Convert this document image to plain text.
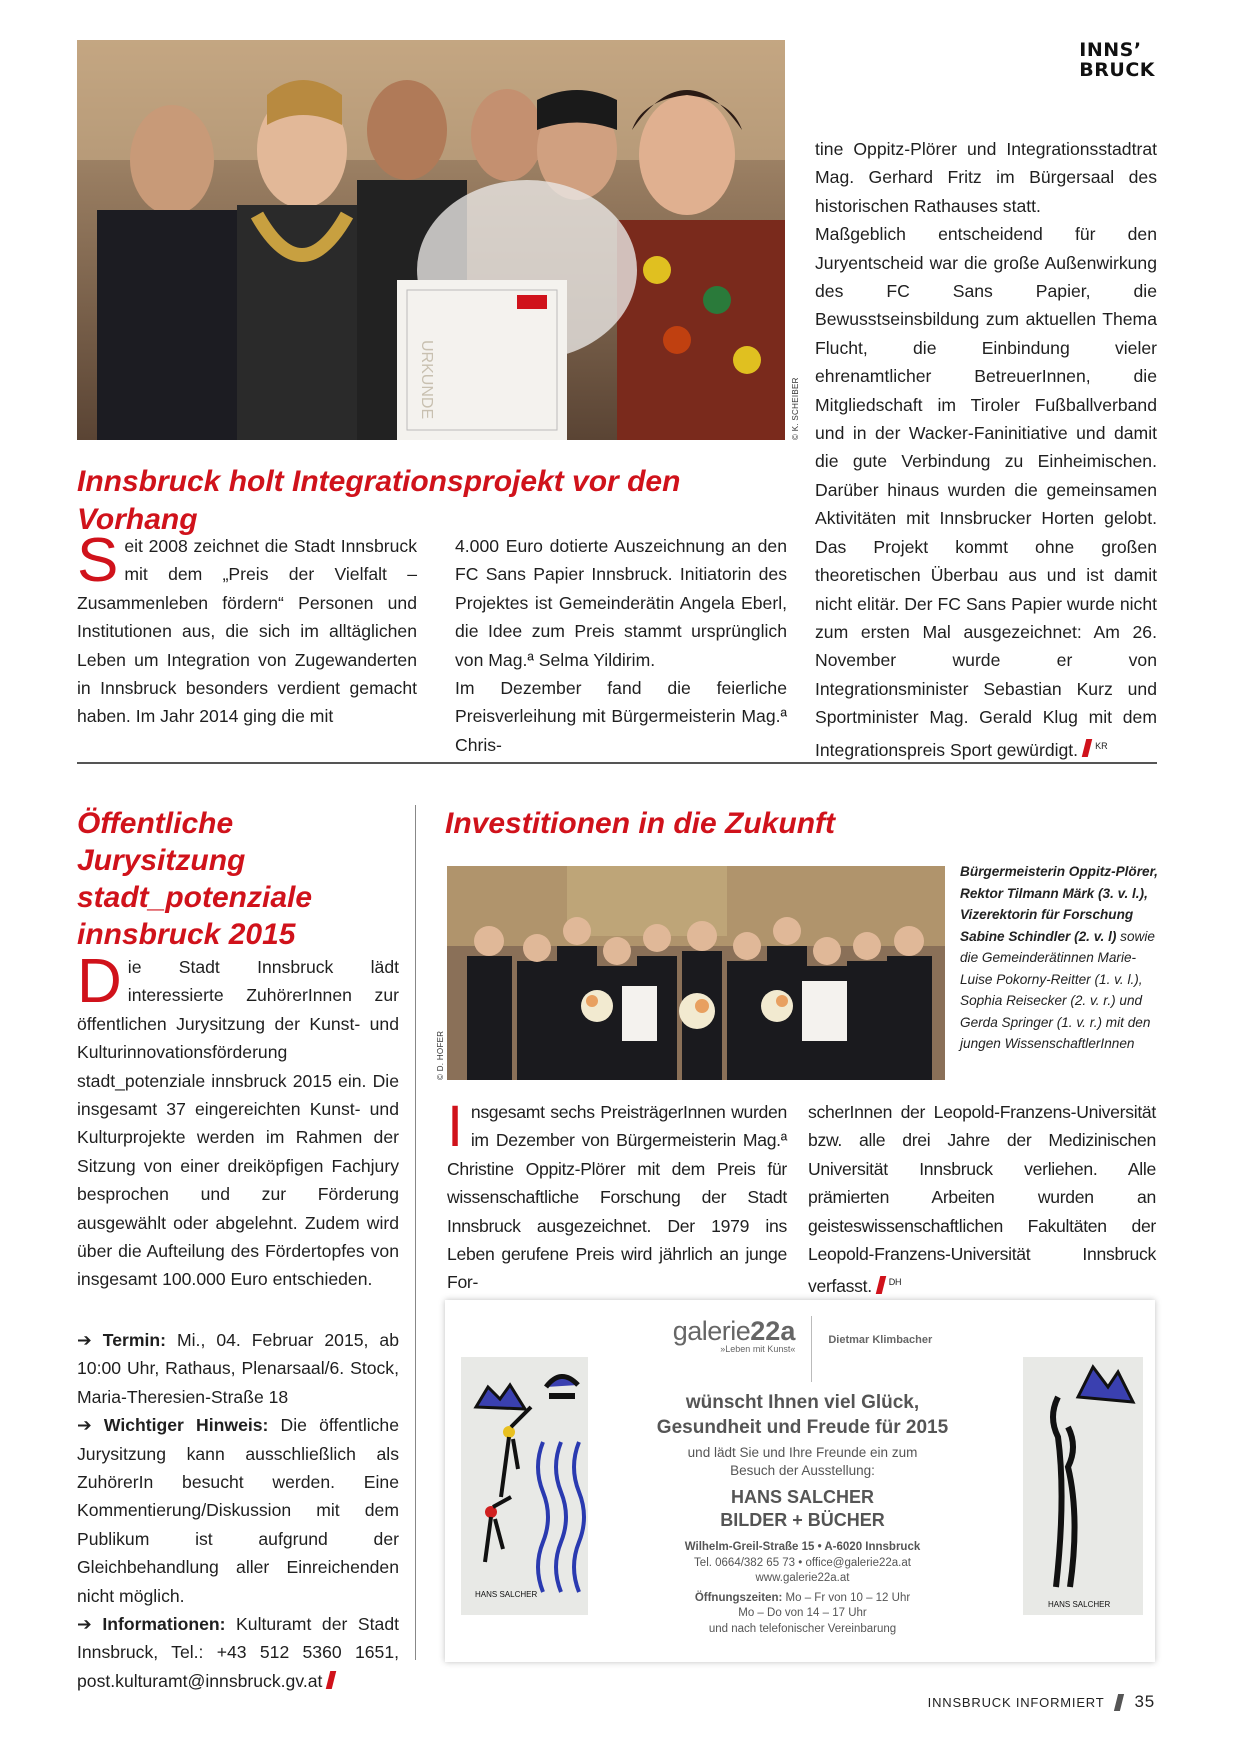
INNS’
BRUCK
URKUNDE	© K. SCHEIBER
Innsbruck holt Integrationsprojekt vor den Vorhang
S eit 2008 zeichnet die Stadt Innsbruck mit dem „Preis der Vielfalt – Zusammenleben fördern“ Personen und Institutionen aus, die sich im alltäglichen Leben um Integration von Zugewanderten in Innsbruck besonders verdient gemacht haben. Im Jahr 2014 ging die mit

4.000 Euro dotierte Auszeichnung an den FC Sans Papier Innsbruck. Initiatorin des Projektes ist Gemeinderätin Angela Eberl, die Idee zum Preis stammt ursprünglich von Mag.ª Selma Yildirim.

Im Dezember fand die feierliche Preisverleihung mit Bürgermeisterin Mag.ª Chris-

tine Oppitz-Plörer und Integrationsstadtrat Mag. Gerhard Fritz im Bürgersaal des historischen Rathauses statt.

Maßgeblich entscheidend für den Juryentscheid war die große Außenwirkung des FC Sans Papier, die Bewusstseinsbildung zum aktuellen Thema Flucht, die Einbindung vieler ehrenamtlicher BetreuerInnen, die Mitgliedschaft im Tiroler Fußballverband und in der Wacker-Faninitiative und damit die gute Verbindung zu Einheimischen. Darüber hinaus wurden die gemeinsamen Aktivitäten mit Innsbrucker Horten gelobt. Das Projekt kommt ohne großen theoretischen Überbau aus und ist damit nicht elitär. Der FC Sans Papier wurde nicht zum ersten Mal ausgezeichnet: Am 26. November wurde er von Integrationsminister Sebastian Kurz und Sportminister Mag. Gerald Klug mit dem Integrationspreis Sport gewürdigt. $^{KR}$

Öffentliche Jurysitzung
stadt_potenziale
innsbruck 2015
D ie Stadt Innsbruck lädt interessierte ZuhörerInnen zur öffentlichen Jurysitzung der Kunst- und Kulturinnovationsförderung stadt_potenziale innsbruck 2015 ein. Die insgesamt 37 eingereichten Kunst- und Kulturprojekte werden im Rahmen der Sitzung von einer dreiköpfigen Fachjury besprochen und zur Förderung ausgewählt oder abgelehnt. Zudem wird über die Aufteilung des Fördertopfes von insgesamt 100.000 Euro entschieden.

➔ Termin: Mi., 04. Februar 2015, ab 10:00 Uhr, Rathaus, Plenarsaal/6. Stock, Maria-Theresien-Straße 18

➔ Wichtiger Hinweis: Die öffentliche Jurysitzung kann ausschließlich als ZuhörerIn besucht werden. Eine Kommentierung/Diskussion mit dem Publikum ist aufgrund der Gleichbehandlung aller Einreichenden nicht möglich.

➔ Informationen: Kulturamt der Stadt Innsbruck, Tel.: +43 512 5360 1651, post.kulturamt@innsbruck.gv.at

Investitionen in die Zukunft
© D. HOFER
Bürgermeisterin Oppitz-Plörer, Rektor Tilmann Märk (3. v. l.), Vizerektorin für Forschung Sabine Schindler (2. v. l) sowie die Gemeinderätinnen Marie-Luise Pokorny-Reitter (1. v. l.), Sophia Reisecker (2. v. r.) und Gerda Springer (1. v. r.) mit den jungen WissenschaftlerInnen
I nsgesamt sechs PreisträgerInnen wurden im Dezember von Bürgermeisterin Mag.ª Christine Oppitz-Plörer mit dem Preis für wissenschaftliche Forschung der Stadt Innsbruck ausgezeichnet. Der 1979 ins Leben gerufene Preis wird jährlich an junge For-
scherInnen der Leopold-Franzens-Universität bzw. alle drei Jahre der Medizinischen Universität Innsbruck verliehen. Alle prämierten Arbeiten wurden an geisteswissenschaftlichen Fakultäten der Leopold-Franzens-Universität Innsbruck verfasst. $^{DH}$
HANS SALCHER
HANS SALCHER
galerie22a
»Leben mit Kunst«
Dietmar Klimbacher
wünscht Ihnen viel Glück,
Gesundheit und Freude für 2015
und lädt Sie und Ihre Freunde ein zum
Besuch der Ausstellung:
HANS SALCHER
BILDER + BÜCHER
Wilhelm-Greil-Straße 15 • A-6020 Innsbruck
Tel. 0664/382 65 73 • office@galerie22a.at
www.galerie22a.at
Öffnungszeiten: Mo – Fr von 10 – 12 Uhr
Mo – Do von 14 – 17 Uhr
und nach telefonischer Vereinbarung
INNSBRUCK INFORMIERT 35
